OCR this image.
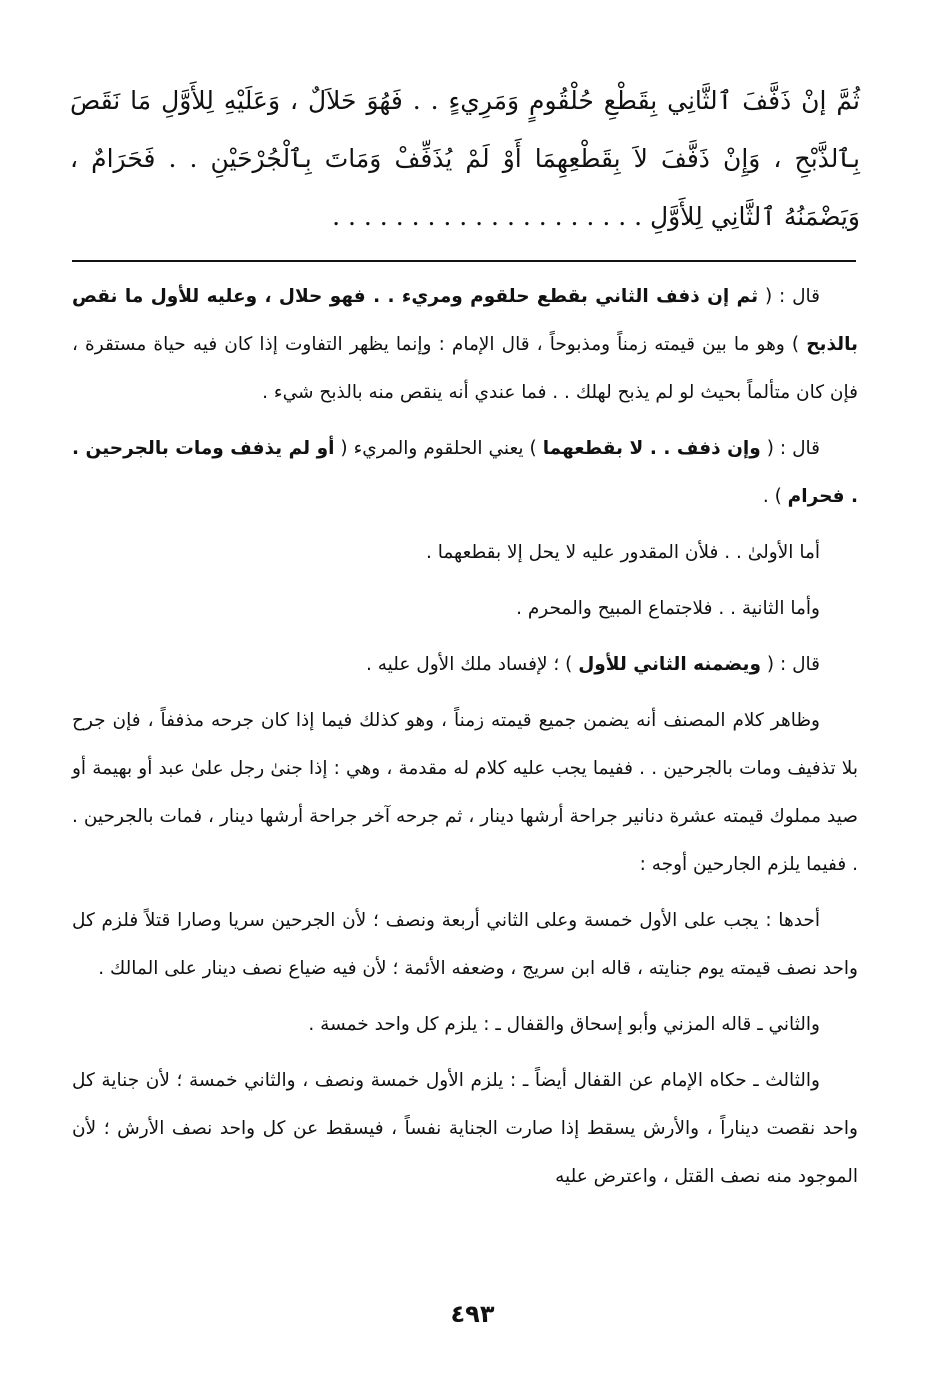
ثُمَّ إنْ ذَفَّفَ ٱلثَّانِي بِقَطْعِ حُلْقُومٍ وَمَرِيءٍ . . فَهُوَ حَلاَلٌ ، وَعَلَيْهِ لِلأَوَّلِ مَا نَقَصَ بِٱلذَّبْحِ ، وَإِنْ ذَفَّفَ لاَ بِقَطْعِهِمَا أَوْ لَمْ يُذَفِّفْ وَمَاتَ بِٱلْجُرْحَيْنِ . . فَحَرَامٌ ، وَيَضْمَنُهُ ٱلثَّانِي لِلأَوَّلِ . . . . . . . . . . . . . . . . . . . .

قال : ( ثم إن ذفف الثاني بقطع حلقوم ومريء . . فهو حلال ، وعليه للأول ما نقص بالذبح ) وهو ما بين قيمته زمناً ومذبوحاً ، قال الإمام : وإنما يظهر التفاوت إذا كان فيه حياة مستقرة ، فإن كان متألماً بحيث لو لم يذبح لهلك . . فما عندي أنه ينقص منه بالذبح شيء .

قال : ( وإن ذفف . . لا بقطعهما ) يعني الحلقوم والمريء ( أو لم يذفف ومات بالجرحين . . فحرام ) .

أما الأولىٰ . . فلأن المقدور عليه لا يحل إلا بقطعهما .

وأما الثانية . . فلاجتماع المبيح والمحرم .

قال : ( ويضمنه الثاني للأول ) ؛ لإفساد ملك الأول عليه .

وظاهر كلام المصنف أنه يضمن جميع قيمته زمناً ، وهو كذلك فيما إذا كان جرحه مذففاً ، فإن جرح بلا تذفيف ومات بالجرحين . . ففيما يجب عليه كلام له مقدمة ، وهي : إذا جنىٰ رجل علىٰ عبد أو بهيمة أو صيد مملوك قيمته عشرة دنانير جراحة أرشها دينار ، ثم جرحه آخر جراحة أرشها دينار ، فمات بالجرحين . . ففيما يلزم الجارحين أوجه :

أحدها : يجب على الأول خمسة وعلى الثاني أربعة ونصف ؛ لأن الجرحين سريا وصارا قتلاً فلزم كل واحد نصف قيمته يوم جنايته ، قاله ابن سريج ، وضعفه الأئمة ؛ لأن فيه ضياع نصف دينار على المالك .

والثاني ـ قاله المزني وأبو إسحاق والقفال ـ : يلزم كل واحد خمسة .

والثالث ـ حكاه الإمام عن القفال أيضاً ـ : يلزم الأول خمسة ونصف ، والثاني خمسة ؛ لأن جناية كل واحد نقصت ديناراً ، والأرش يسقط إذا صارت الجناية نفساً ، فيسقط عن كل واحد نصف الأرش ؛ لأن الموجود منه نصف القتل ، واعترض عليه

٤٩٣
